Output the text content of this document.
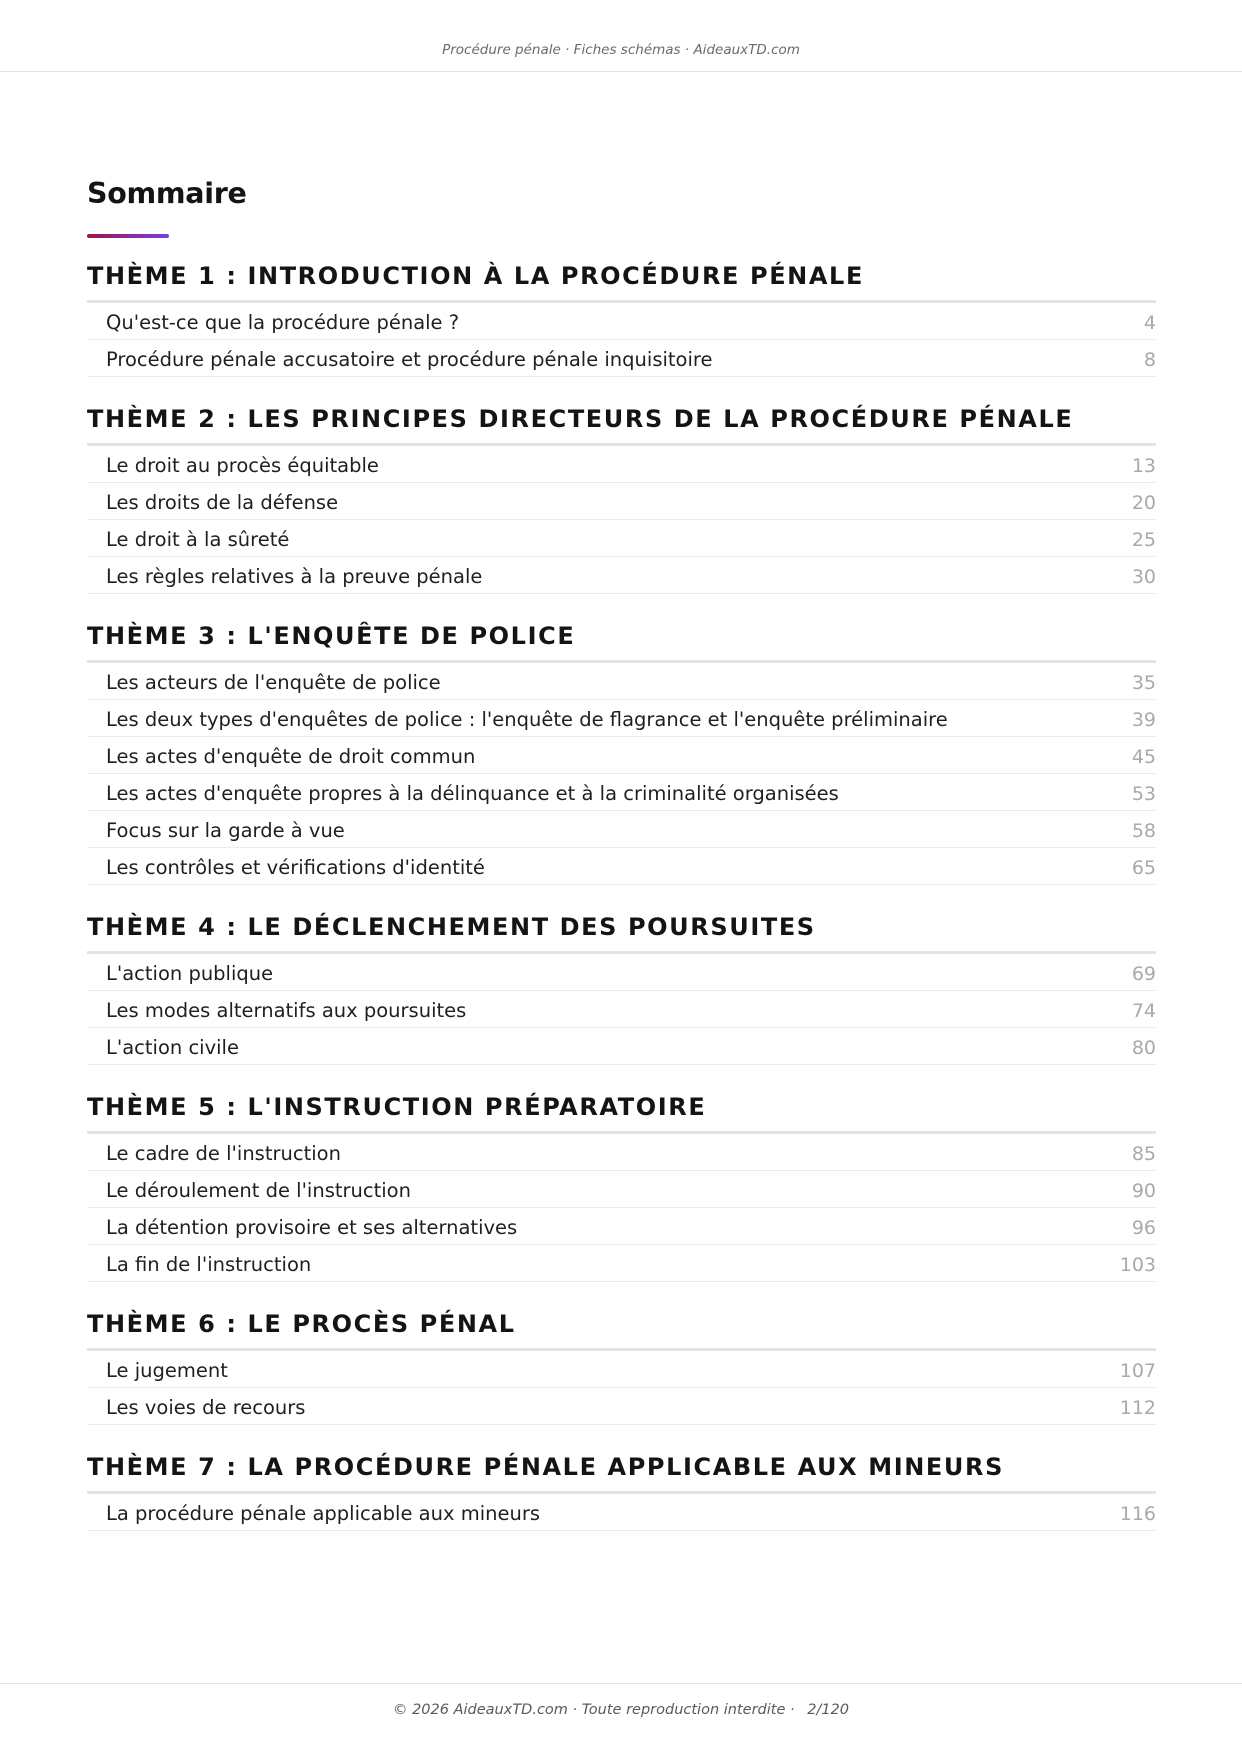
Procédure pénale · Fiches schémas · AideauxTD.com
Sommaire
THÈME 1 : INTRODUCTION À LA PROCÉDURE PÉNALE
Qu'est-ce que la procédure pénale ?	4
Procédure pénale accusatoire et procédure pénale inquisitoire	8
THÈME 2 : LES PRINCIPES DIRECTEURS DE LA PROCÉDURE PÉNALE
Le droit au procès équitable	13
Les droits de la défense	20
Le droit à la sûreté	25
Les règles relatives à la preuve pénale	30
THÈME 3 : L'ENQUÊTE DE POLICE
Les acteurs de l'enquête de police	35
Les deux types d'enquêtes de police : l'enquête de flagrance et l'enquête préliminaire	39
Les actes d'enquête de droit commun	45
Les actes d'enquête propres à la délinquance et à la criminalité organisées	53
Focus sur la garde à vue	58
Les contrôles et vérifications d'identité	65
THÈME 4 : LE DÉCLENCHEMENT DES POURSUITES
L'action publique	69
Les modes alternatifs aux poursuites	74
L'action civile	80
THÈME 5 : L'INSTRUCTION PRÉPARATOIRE
Le cadre de l'instruction	85
Le déroulement de l'instruction	90
La détention provisoire et ses alternatives	96
La fin de l'instruction	103
THÈME 6 : LE PROCÈS PÉNAL
Le jugement	107
Les voies de recours	112
THÈME 7 : LA PROCÉDURE PÉNALE APPLICABLE AUX MINEURS
La procédure pénale applicable aux mineurs	116
© 2026 AideauxTD.com · Toute reproduction interdite · 2/120
